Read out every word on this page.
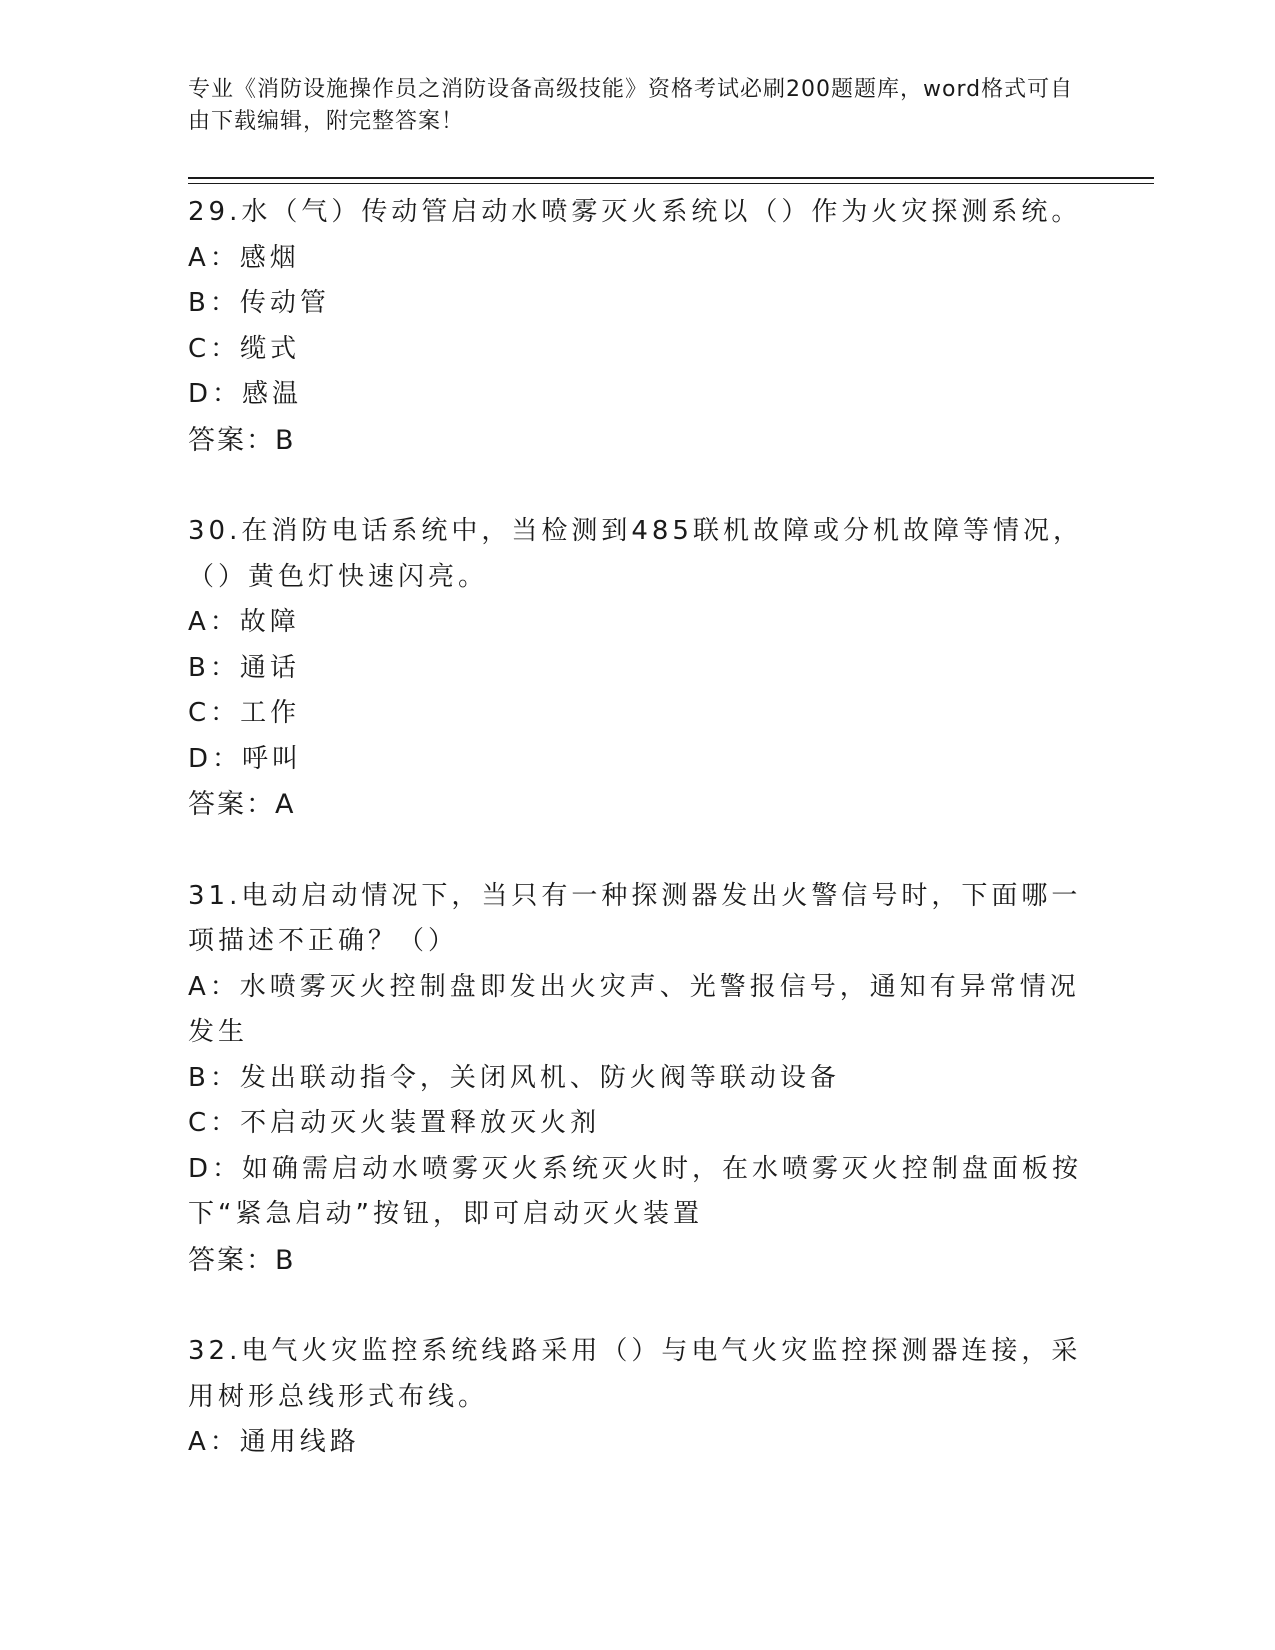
专业《消防设施操作员之消防设备高级技能》资格考试必刷200题题库，word格式可自由下载编辑，附完整答案！

29.水（气）传动管启动水喷雾灭火系统以（）作为火灾探测系统。

A：感烟

B：传动管

C：缆式

D：感温

答案：B

30.在消防电话系统中，当检测到485联机故障或分机故障等情况，（）黄色灯快速闪亮。

A：故障

B：通话

C：工作

D：呼叫

答案：A

31.电动启动情况下，当只有一种探测器发出火警信号时，下面哪一项描述不正确？（）

A：水喷雾灭火控制盘即发出火灾声、光警报信号，通知有异常情况发生

B：发出联动指令，关闭风机、防火阀等联动设备

C：不启动灭火装置释放灭火剂

D：如确需启动水喷雾灭火系统灭火时，在水喷雾灭火控制盘面板按下“紧急启动”按钮，即可启动灭火装置

答案：B

32.电气火灾监控系统线路采用（）与电气火灾监控探测器连接，采用树形总线形式布线。

A：通用线路
